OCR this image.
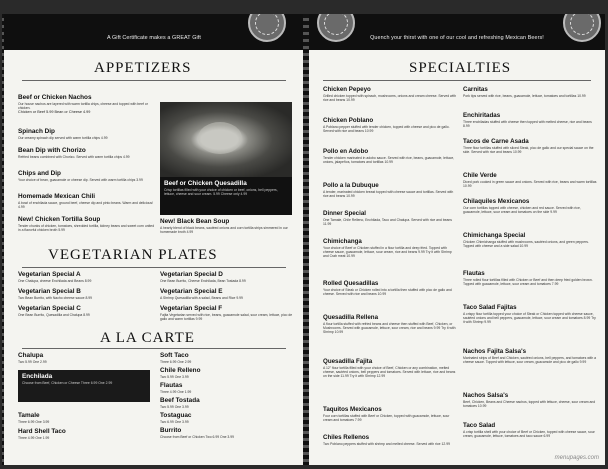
A Gift Certificate makes a GREAT Gift
APPETIZERS
Beef or Chicken Nachos
Our house nachos are layered with warm tortilla chips, cheese and topped with beef or chicken.
Chicken or Beef 5.99 Bean or Cheese 4.99
Spinach Dip
Our creamy spinach dip served with warm tortilla chips 4.99
Bean Dip with Chorizo
Refried beans combined with Chorizo. Served with warm tortilla chips 4.99
Chips and Dip
Your choice of bean, guacamole or cheese dip. Served with warm tortilla chips 3.99
Homemade Mexican Chili
A bowl of enchilada sauce, ground beef, cheese dip and pinto beans. Warm and delicious! 4.99
New! Chicken Tortilla Soup
Tender chunks of chicken, tomatoes, shredded tortilla, kidney beans and sweet corn united in a flavorful chicken broth 5.99
Beef or Chicken Quesadilla
Crisp tortillas filled with your choice of chicken or beef, onions, bell peppers, lettuce, cheese and sour cream. 5.99 Cheese only 4.99
New! Black Bean Soup
A hearty blend of black beans, sautéed onions and corn tortilla strips simmered in our homemade broth 4.99
VEGETARIAN PLATES
Vegetarian Special A
One Chalupa, cheese Enchilada and Beans 8.99
Vegetarian Special B
Two Bean Burrito, with Nacho cheese sauce 8.99
Vegetarian Special C
One Bean Burrito, Quesadilla and Chalupa 8.99
Vegetarian Special D
One Bean Burrito, Cheese Enchilada, Bean Tostada 8.99
Vegetarian Special E
A Shrimp Quesadilla with a salad, Beans and Rice 9.99
Vegetarian Special F
Fajita Vegetarian served with rice, beans, guacamole salad, sour cream, lettuce, pico de gallo and warm tortillas 9.99
A LA CARTE
Chalupa
Two 5.99 One 2.99
Enchilada
Choose from Beef, Chicken or Cheese Three 6.99 One 2.99
Tamale
Three 6.99 One 3.99
Hard Shell Taco
Three 4.99 One 1.99
Soft Taco
Three 6.99 One 2.99
Chile Relleno
Two 5.99 One 3.99
Flautas
Three 4.99 One 1.99
Beef Tostada
Two 5.99 One 3.99
Tostaguac
Two 6.99 One 3.99
Burrito
Choose from Beef or Chicken Two 6.99 One 3.99
Quench your thirst with one of our cool and refreshing Mexican Beers!
SPECIALTIES
Chicken Pepeyo
Grilled chicken topped with spinach, mushrooms, onions and cream cheese. Served with rice and beans 10.99
Chicken Poblano
A Poblano pepper stuffed with tender chicken, topped with cheese and pico de gallo. Served with rice and beans 10.99
Pollo en Adobo
Tender chicken marinated in adobo sauce. Served with rice, beans, guacamole, lettuce, onions, jalapeños, tomatoes and tortillas 10.99
Pollo a la Dubuque
A tender, marinated chicken breast topped with cheese sauce and tortillas. Served with rice and beans 10.99
Dinner Special
One Tamale, Chile Relleno, Enchilada, Taco and Chalupa. Served with rice and beans 11.99
Chimichanga
Your choice of Beef or Chicken stuffed in a flour tortilla and deep fried. Topped with cheese sauce, guacamole, lettuce, sour cream, rice and beans 9.99 Try it with Shrimp and Crab meat 10.99
Rolled Quesadillas
Your choice of Steak or Chicken rolled into a tortilla then stuffed with pico de gallo and cheese. Served with rice and beans 10.99
Quesadilla Rellena
A flour tortilla stuffed with refried beans and cheese then stuffed with Beef, Chicken, or Mushrooms. Served with guacamole, lettuce, sour cream, rice and beans 9.99 Try it with Shrimp 10.99
Quesadilla Fajita
A 12" flour tortilla filled with your choice of Beef, Chicken or any combination, melted cheese, sautéed onions, bell peppers and tomatoes. Served with lettuce, rice and beans on the side 11.99 Try it with Shrimp 12.99
Taquitos Mexicanos
Four corn tortillas stuffed with Beef or Chicken, topped with guacamole, lettuce, sour cream and tomatoes 7.99
Chiles Rellenos
Two Poblano peppers stuffed with shrimp and melted cheese. Served with rice 12.99
Carnitas
Pork tips served with rice, beans, guacamole, lettuce, tomatoes and tortillas 10.99
Enchiritadas
Three enchiladas stuffed with cheese then topped with melted cheese, rice and beans 8.99
Tacos de Carne Asada
Three flour tortillas stuffed with sliced Steak, pico de gallo and our special sauce on the side. Served with rice and beans 10.99
Chile Verde
Diced pork cooked in green sauce and onions. Served with rice, beans and warm tortillas 10.99
Chilaquiles Mexicanos
Our corn tortillas topped with cheese, chicken and red sauce. Served with rice, guacamole, lettuce, sour cream and tomatoes on the side 9.99
Chimichanga Special
Chicken Chimichanga stuffed with mushrooms, sautéed onions, and green peppers. Topped with cheese and a side salad 10.99
Flautas
Three rolled flour tortillas filled with Chicken or Beef and then deep fried golden brown. Topped with guacamole, lettuce, sour cream and tomatoes 7.99
Taco Salad Fajitas
A crispy flour tortilla topped your choice of Steak or Chicken topped with cheese sauce, sautéed onions and bell peppers, guacamole, lettuce, sour cream and tomatoes 8.99 Try it with Shrimp 9.99
Nachos Fajita Salsa's
Marinated strips of Beef and Chicken, sautéed onions, bell peppers, and tomatoes with a cheese sauce. Topped with lettuce, sour cream, guacamole and pico de gallo 9.99
Nachos Salsa's
Beef, Chicken, Beans and Cheese nachos, topped with lettuce, cheese, sour cream and tomatoes 10.99
Taco Salad
A crisp tortilla shell with your choice of Beef or Chicken, topped with cheese sauce, sour cream, guacamole, lettuce, tomatoes and taco sauce 6.99
menupages.com
